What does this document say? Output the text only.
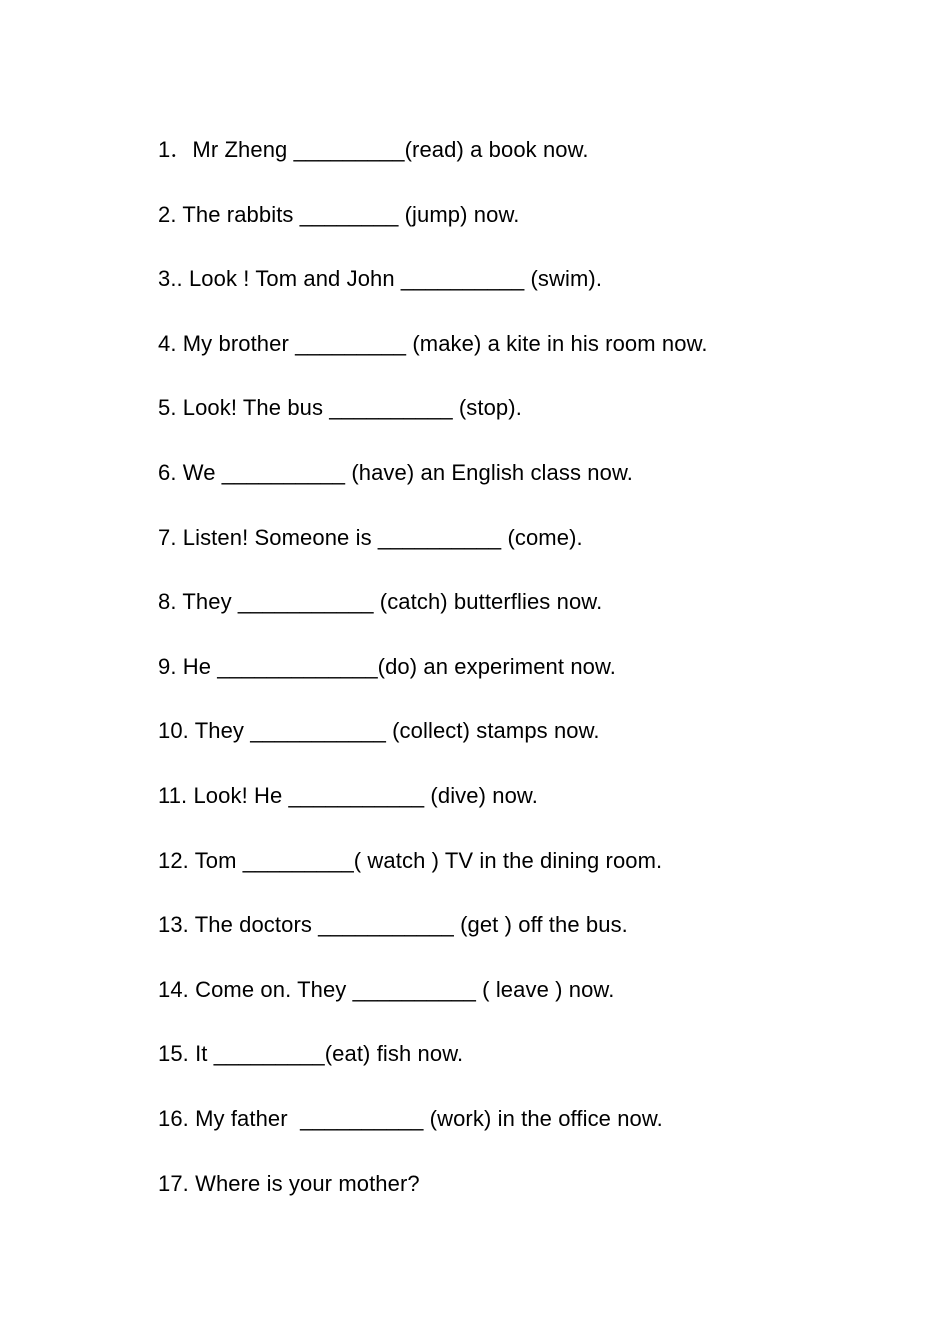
1．Mr Zheng _________(read) a book now.
2. The rabbits ________ (jump) now.
3.. Look ! Tom and John __________ (swim).
4. My brother _________ (make) a kite in his room now.
5. Look! The bus __________ (stop).
6. We __________ (have) an English class now.
7. Listen! Someone is __________ (come).
8. They ___________ (catch) butterflies now.
9. He _____________(do) an experiment now.
10. They ___________ (collect) stamps now.
11. Look! He ___________ (dive) now.
12. Tom _________( watch ) TV in the dining room.
13. The doctors ___________ (get ) off the bus.
14. Come on. They __________ ( leave ) now.
15. It _________(eat) fish now.
16. My father  __________ (work) in the office now.
17. Where is your mother?
